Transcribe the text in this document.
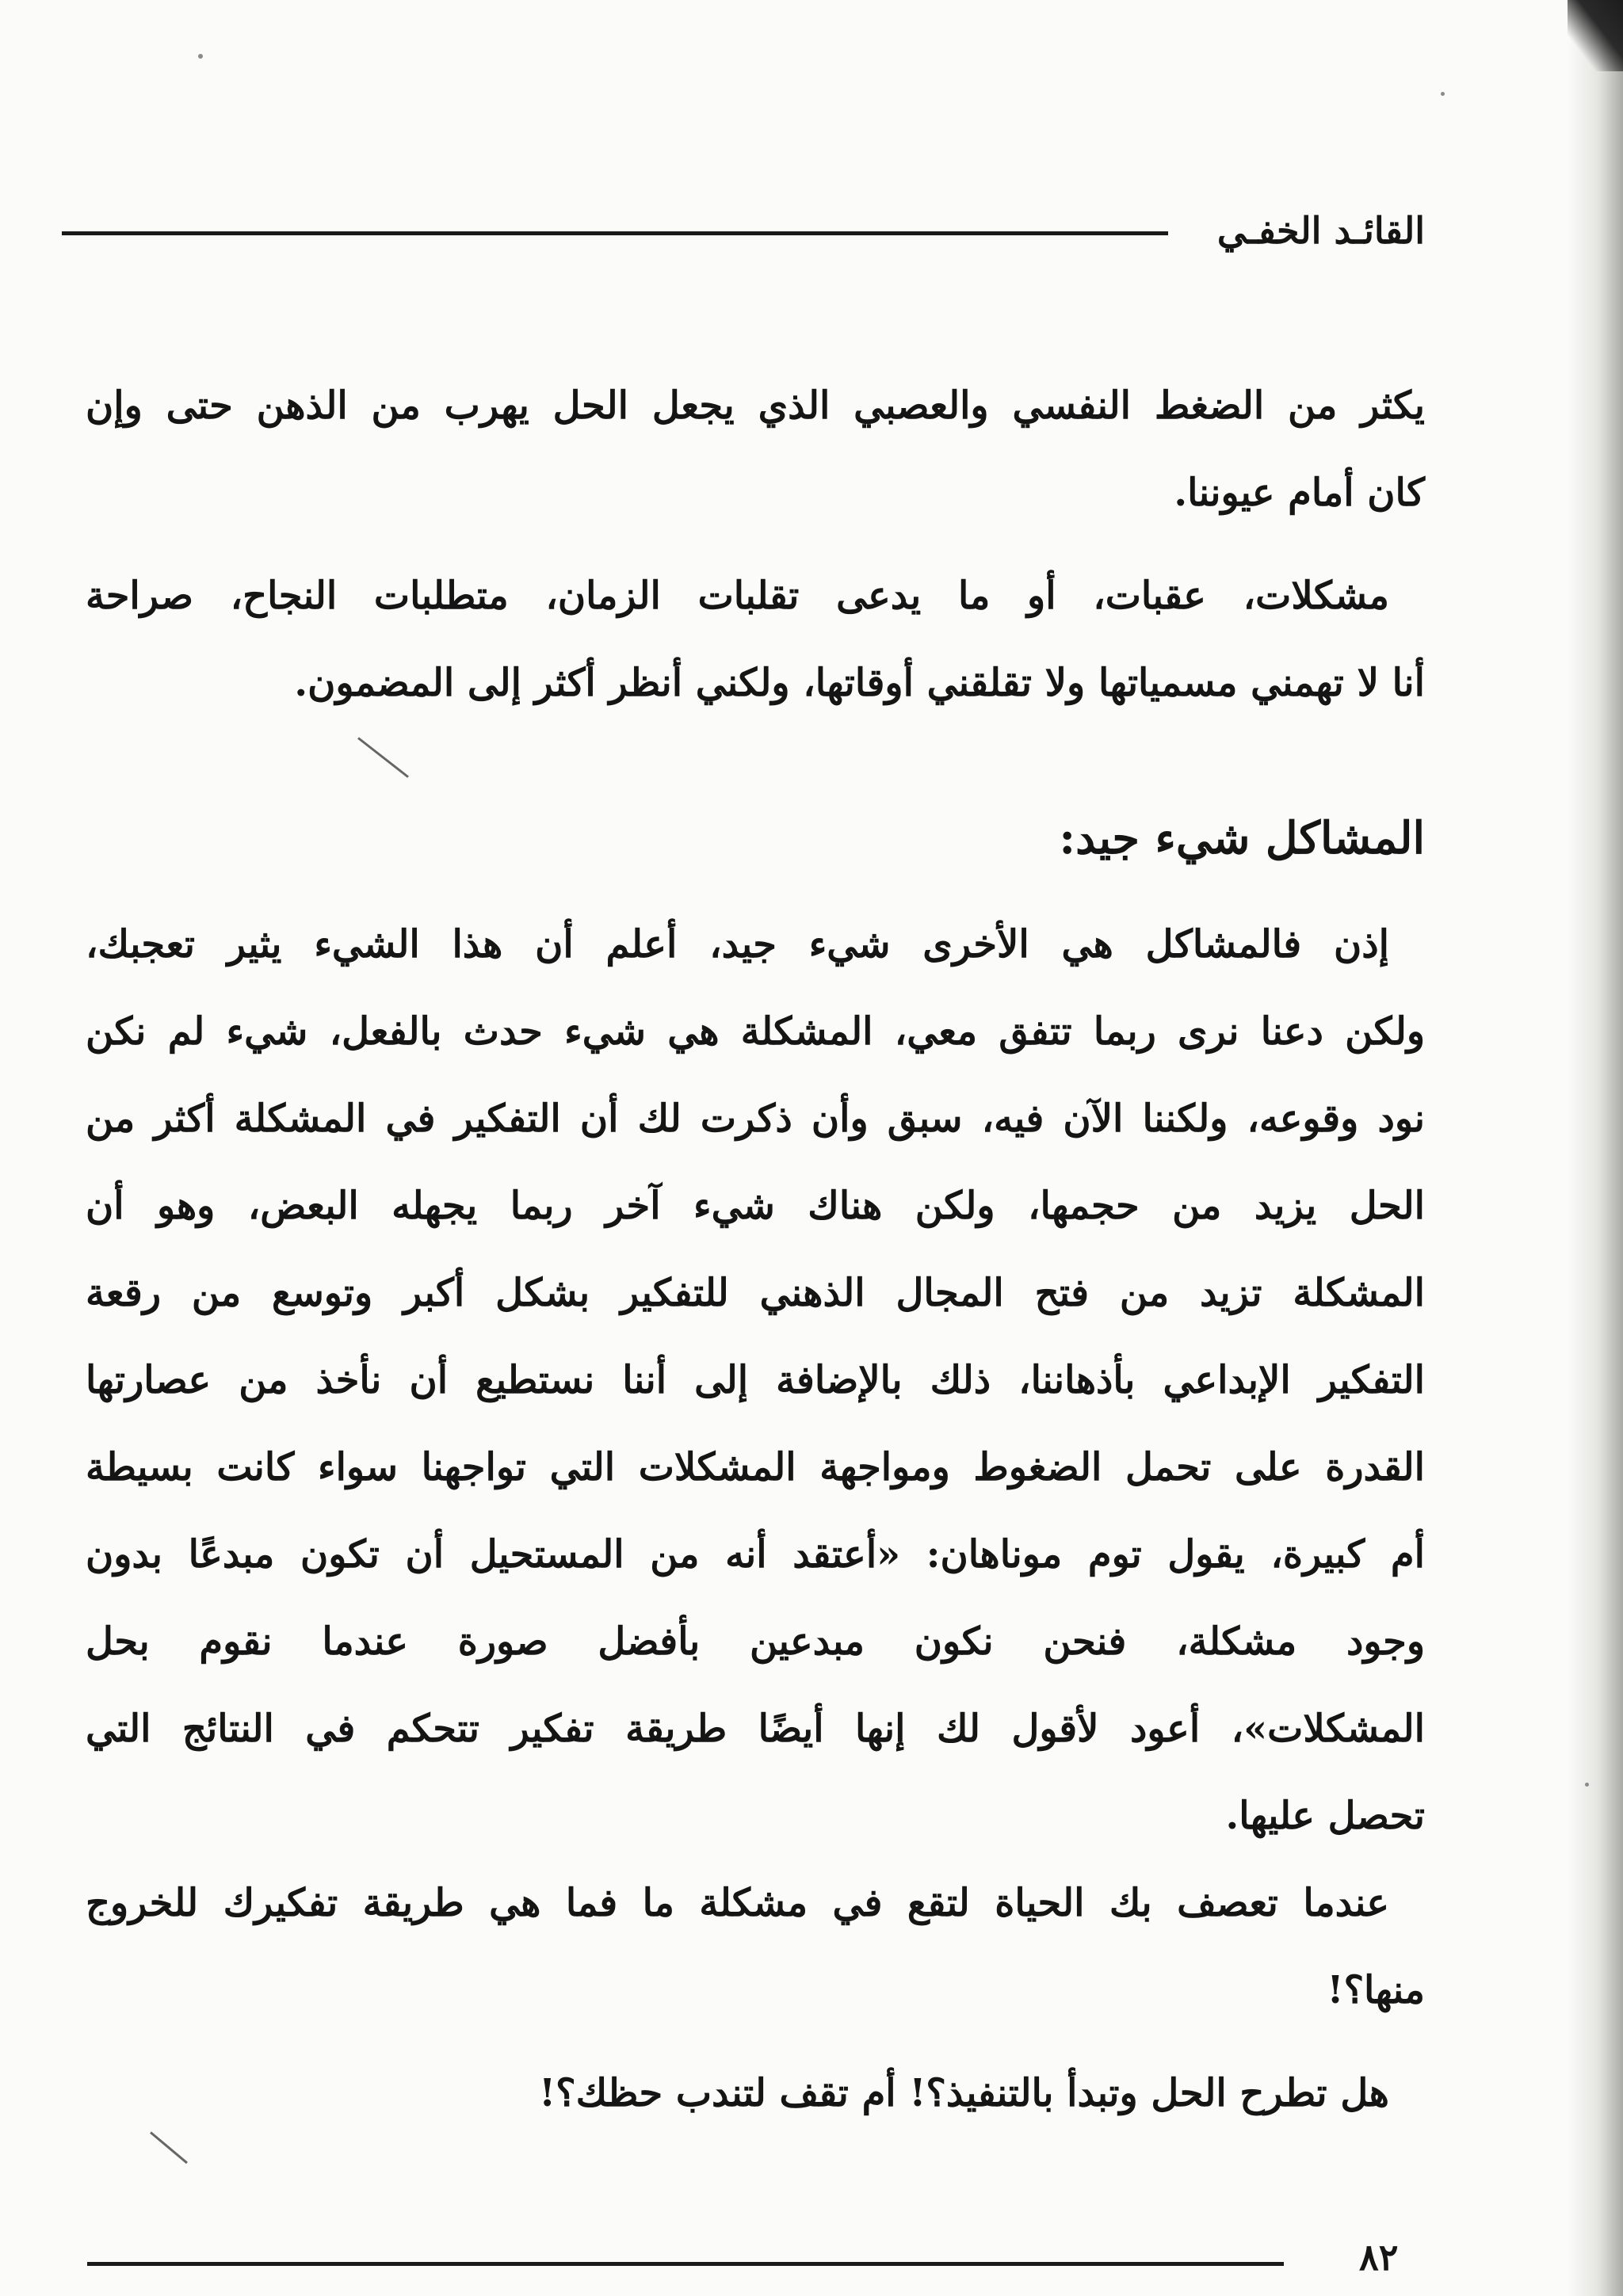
القائـد الخفـي
يكثر من الضغط النفسي والعصبي الذي يجعل الحل يهرب من الذهن حتى وإن
كان أمام عيوننا.
مشكلات، عقبات، أو ما يدعى تقلبات الزمان، متطلبات النجاح، صراحة
أنا لا تهمني مسمياتها ولا تقلقني أوقاتها، ولكني أنظر أكثر إلى المضمون.
المشاكل شيء جيد:
إذن فالمشاكل هي الأخرى شيء جيد، أعلم أن هذا الشيء يثير تعجبك،
ولكن دعنا نرى ربما تتفق معي، المشكلة هي شيء حدث بالفعل، شيء لم نكن
نود وقوعه، ولكننا الآن فيه، سبق وأن ذكرت لك أن التفكير في المشكلة أكثر من
الحل يزيد من حجمها، ولكن هناك شيء آخر ربما يجهله البعض، وهو أن
المشكلة تزيد من فتح المجال الذهني للتفكير بشكل أكبر وتوسع من رقعة
التفكير الإبداعي بأذهاننا، ذلك بالإضافة إلى أننا نستطيع أن نأخذ من عصارتها
القدرة على تحمل الضغوط ومواجهة المشكلات التي تواجهنا سواء كانت بسيطة
أم كبيرة، يقول توم موناهان: «أعتقد أنه من المستحيل أن تكون مبدعًا بدون
وجود مشكلة، فنحن نكون مبدعين بأفضل صورة عندما نقوم بحل
المشكلات»، أعود لأقول لك إنها أيضًا طريقة تفكير تتحكم في النتائج التي
تحصل عليها.
عندما تعصف بك الحياة لتقع في مشكلة ما فما هي طريقة تفكيرك للخروج
منها؟!
هل تطرح الحل وتبدأ بالتنفيذ؟! أم تقف لتندب حظك؟!
٨٢
